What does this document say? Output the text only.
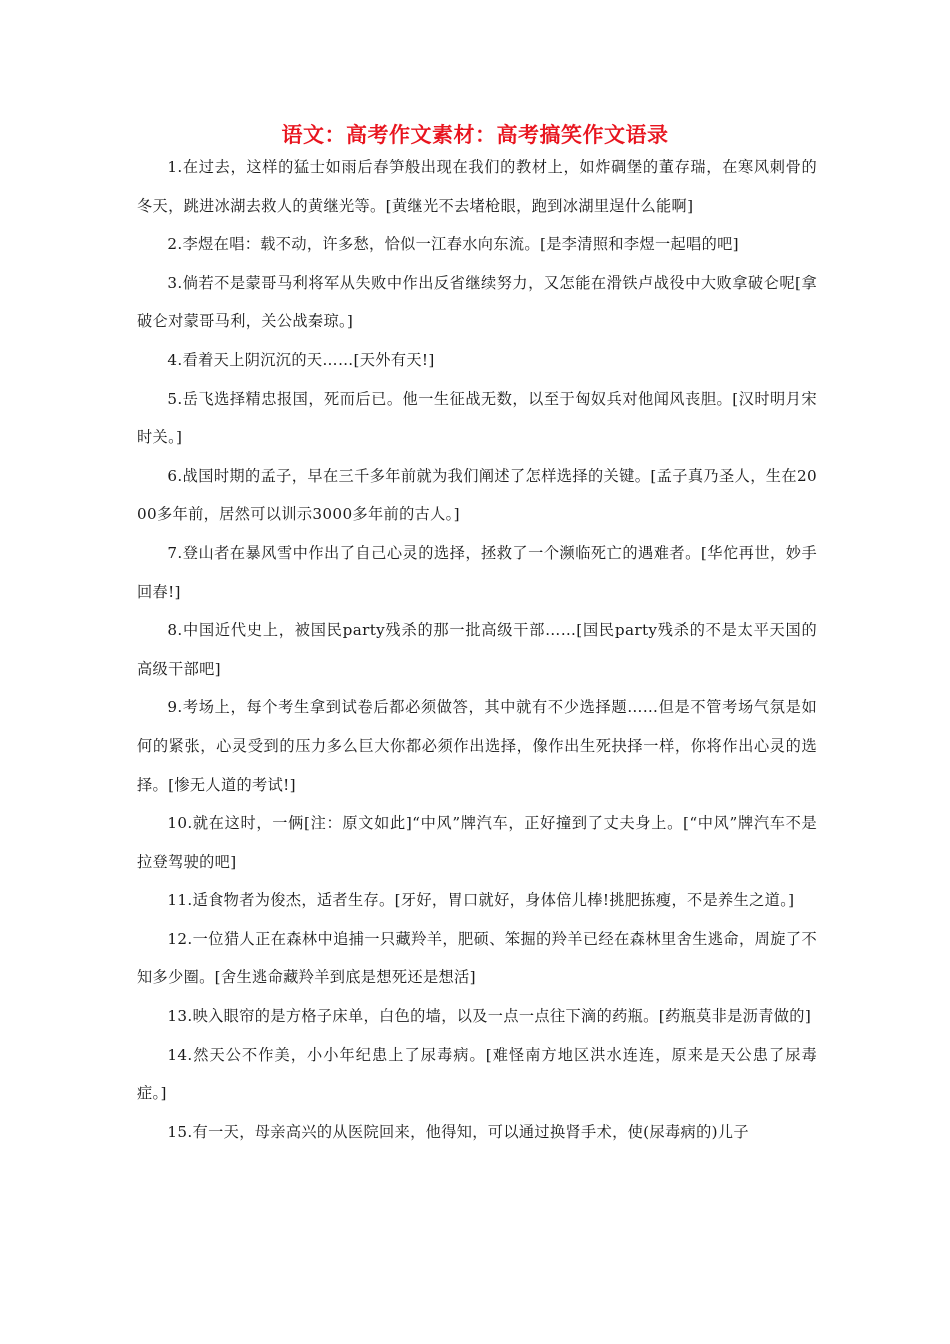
语文：高考作文素材：高考搞笑作文语录

1.在过去，这样的猛士如雨后春笋般出现在我们的教材上，如炸碉堡的董存瑞，在寒风刺骨的冬天，跳进冰湖去救人的黄继光等。[黄继光不去堵枪眼，跑到冰湖里逞什么能啊]

2.李煜在唱：载不动，许多愁，恰似一江春水向东流。[是李清照和李煜一起唱的吧]

3.倘若不是蒙哥马利将军从失败中作出反省继续努力，又怎能在滑铁卢战役中大败拿破仑呢[拿破仑对蒙哥马利，关公战秦琼。]

4.看着天上阴沉沉的天……[天外有天!]

5.岳飞选择精忠报国，死而后已。他一生征战无数，以至于匈奴兵对他闻风丧胆。[汉时明月宋时关。]

6.战国时期的孟子，早在三千多年前就为我们阐述了怎样选择的关键。[孟子真乃圣人，生在2000多年前，居然可以训示3000多年前的古人。]

7.登山者在暴风雪中作出了自己心灵的选择，拯救了一个濒临死亡的遇难者。[华佗再世，妙手回春!]

8.中国近代史上，被国民party残杀的那一批高级干部……[国民party残杀的不是太平天国的高级干部吧]

9.考场上，每个考生拿到试卷后都必须做答，其中就有不少选择题……但是不管考场气氛是如何的紧张，心灵受到的压力多么巨大你都必须作出选择，像作出生死抉择一样，你将作出心灵的选择。[惨无人道的考试!]

10.就在这时，一俩[注：原文如此]“中风”牌汽车，正好撞到了丈夫身上。[“中风”牌汽车不是拉登驾驶的吧]

11.适食物者为俊杰，适者生存。[牙好，胃口就好，身体倍儿棒!挑肥拣瘦，不是养生之道。]

12.一位猎人正在森林中追捕一只藏羚羊，肥硕、笨掘的羚羊已经在森林里舍生逃命，周旋了不知多少圈。[舍生逃命藏羚羊到底是想死还是想活]

13.映入眼帘的是方格子床单，白色的墙，以及一点一点往下滴的药瓶。[药瓶莫非是沥青做的]

14.然天公不作美，小小年纪患上了尿毒病。[难怪南方地区洪水连连，原来是天公患了尿毒症。]

15.有一天，母亲高兴的从医院回来，他得知，可以通过换肾手术，使(尿毒病的)儿子
